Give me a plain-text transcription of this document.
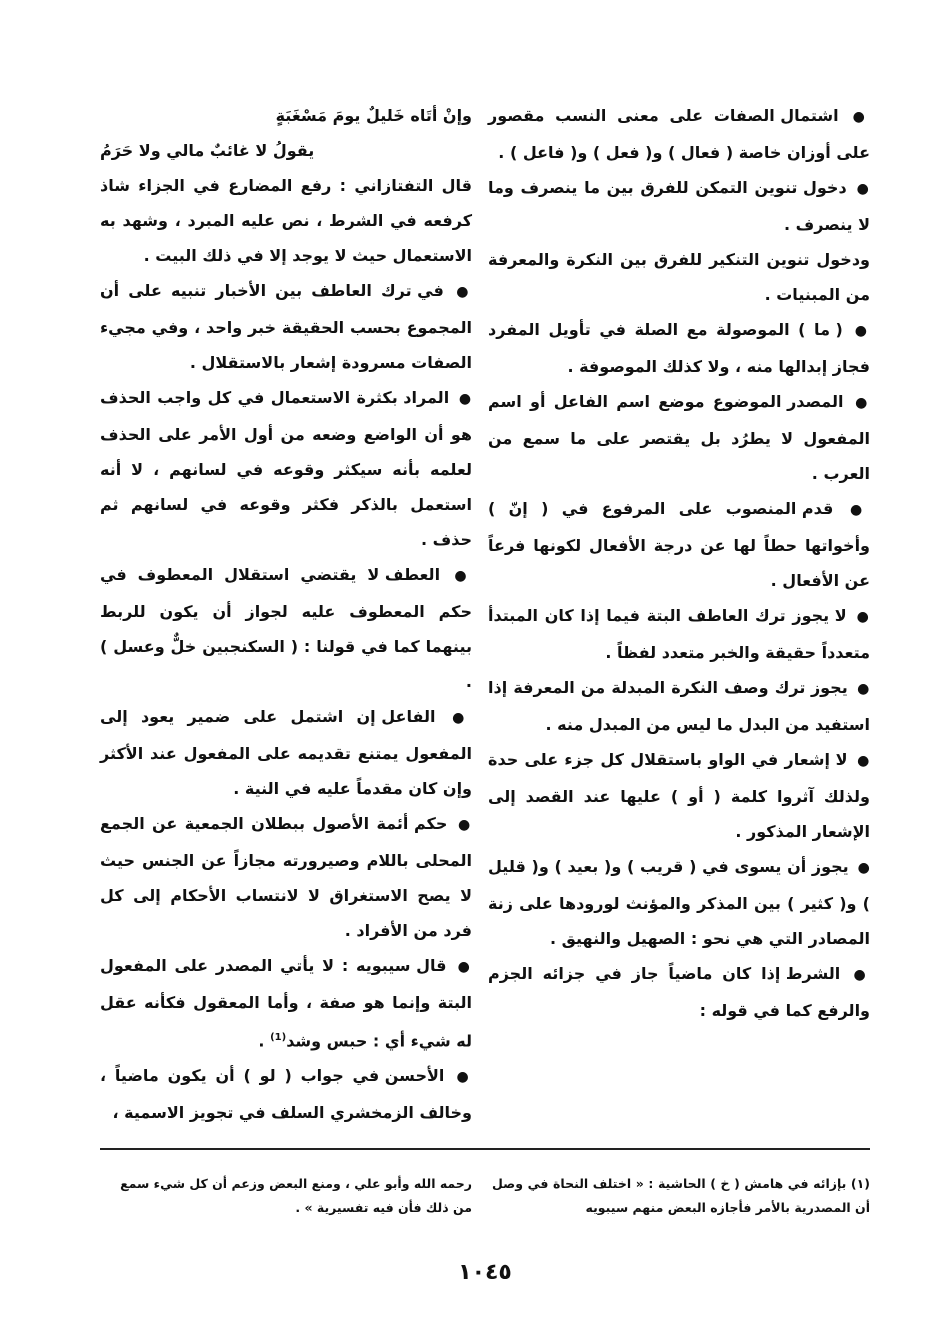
● اشتمال الصفات على معنى النسب مقصور على أوزان خاصة ( فعال ) و( فعل ) و( فاعل ) .

● دخول تنوين التمكن للفرق بين ما ينصرف وما لا ينصرف .

ودخول تنوين التنكير للفرق بين النكرة والمعرفة من المبنيات .

● ( ما ) الموصولة مع الصلة في تأويل المفرد فجاز إبدالها منه ، ولا كذلك الموصوفة .

● المصدر الموضوع موضع اسم الفاعل أو اسم المفعول لا يطرُد بل يقتصر على ما سمع من العرب .

● قدم المنصوب على المرفوع في ( إنّ ) وأخواتها حطاً لها عن درجة الأفعال لكونها فرعاً عن الأفعال .

● لا يجوز ترك العاطف البتة فيما إذا كان المبتدأ متعدداً حقيقة والخبر متعدد لفظاً .

● يجوز ترك وصف النكرة المبدلة من المعرفة إذا استفيد من البدل ما ليس من المبدل منه .

● لا إشعار في الواو باستقلال كل جزء على حدة ولذلك آثروا كلمة ( أو ) عليها عند القصد إلى الإشعار المذكور .

● يجوز أن يسوى في ( قريب ) و( بعيد ) و( قليل ) و( كثير ) بين المذكر والمؤنث لورودها على زنة المصادر التي هي نحو : الصهيل والنهيق .

● الشرط إذا كان ماضياً جاز في جزائه الجزم والرفع كما في قوله :

وإنْ أتَاه خَليلٌ يومَ مَسْغَبَةٍ
يقولُ لا غائبٌ مالي ولا حَرَمُ

قال التفتازاني : رفع المضارع في الجزاء شاذ كرفعه في الشرط ، نص عليه المبرد ، وشهد به الاستعمال حيث لا يوجد إلا في ذلك البيت .

● في ترك العاطف بين الأخبار تنبيه على أن المجموع بحسب الحقيقة خبر واحد ، وفي مجيء الصفات مسرودة إشعار بالاستقلال .

● المراد بكثرة الاستعمال في كل واجب الحذف هو أن الواضع وضعه من أول الأمر على الحذف لعلمه بأنه سيكثر وقوعه في لسانهم ، لا أنه استعمل بالذكر فكثر وقوعه في لسانهم ثم حذف .

● العطف لا يقتضي استقلال المعطوف في حكم المعطوف عليه لجواز أن يكون للربط بينهما كما في قولنا : ( السكنجبين خلٌّ وعسل ) .

● الفاعل إن اشتمل على ضمير يعود إلى المفعول يمتنع تقديمه على المفعول عند الأكثر وإن كان مقدماً عليه في النية .

● حكم أئمة الأصول ببطلان الجمعية عن الجمع المحلى باللام وصيرورته مجازاً عن الجنس حيث لا يصح الاستغراق لا لانتساب الأحكام إلى كل فرد من الأفراد .

● قال سيبويه : لا يأتي المصدر على المفعول البتة وإنما هو صفة ، وأما المعقول فكأنه عقل له شيء أي : حبس وشد$^{(1)}$ .

● الأحسن في جواب ( لو ) أن يكون ماضياً ، وخالف الزمخشري السلف في تجويز الاسمية ،

(١) بإزائه في هامش ( خ ) الحاشية : « اختلف النحاة في وصل أن المصدرية بالأمر فأجازه البعض منهم سيبويه
رحمه الله وأبو علي ، ومنع البعض وزعم أن كل شيء سمع من ذلك فأن فيه تفسيرية » .
١٠٤٥
